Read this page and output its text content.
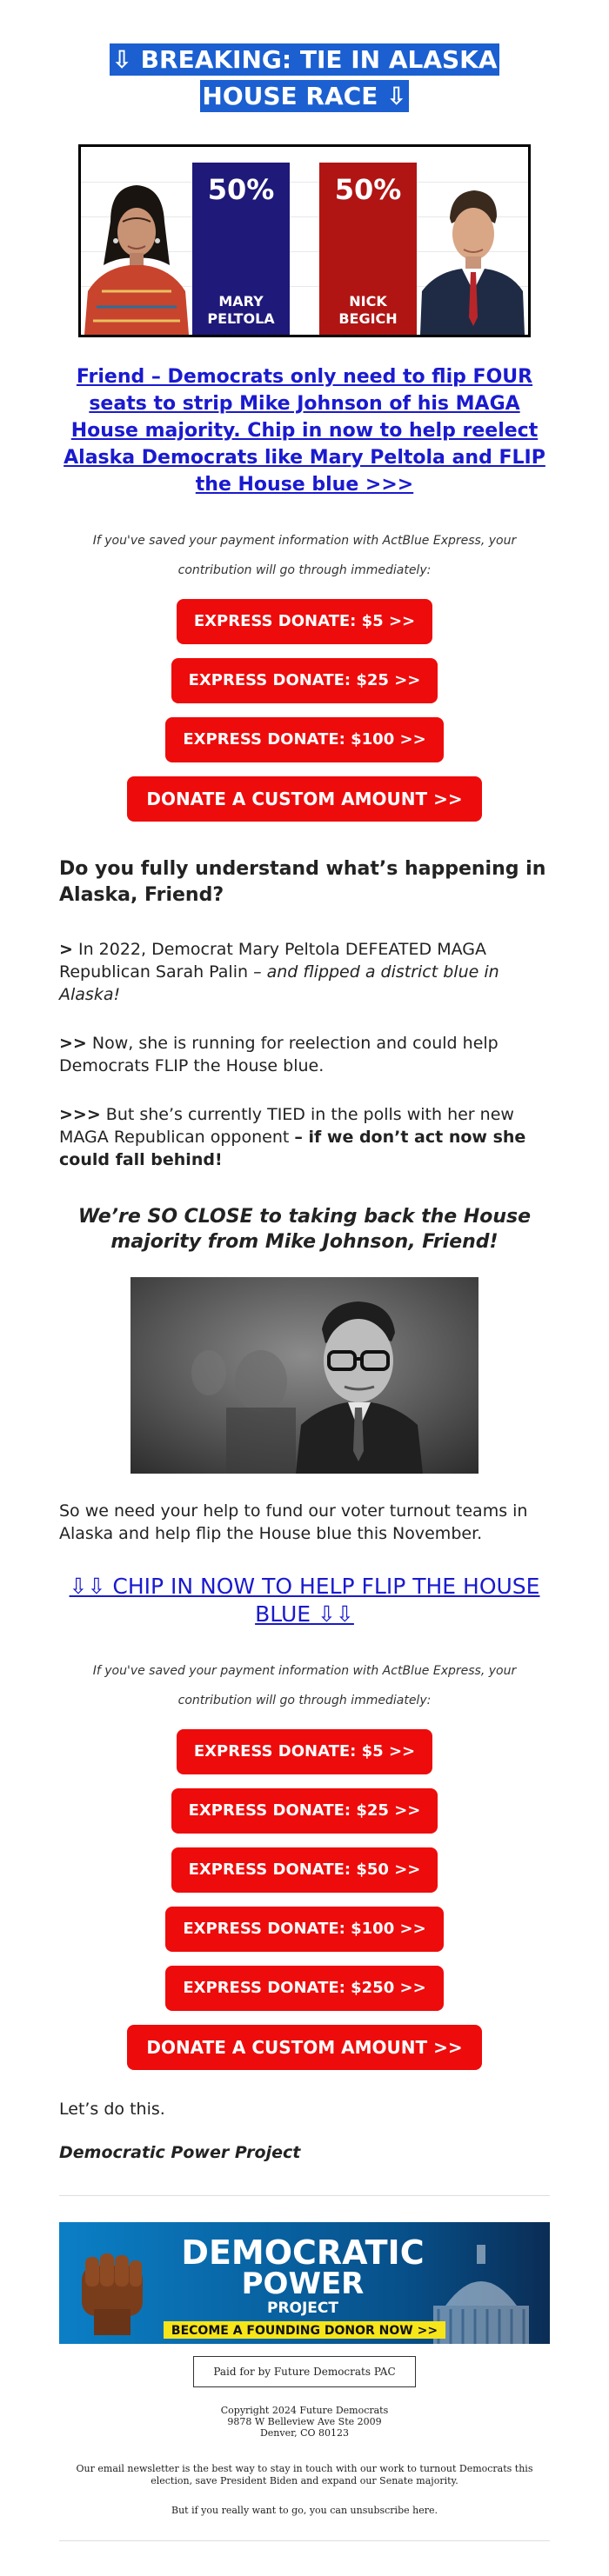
⇩ BREAKING: TIE IN ALASKA HOUSE RACE ⇩
50%
MARY
PELTOLA
50%
NICK
BEGICH
Friend – Democrats only need to flip FOUR seats to strip Mike Johnson of his MAGA House majority. Chip in now to help reelect Alaska Democrats like Mary Peltola and FLIP the House blue >>>

If you've saved your payment information with ActBlue Express, your contribution will go through immediately:

EXPRESS DONATE: $5 >>
EXPRESS DONATE: $25 >>
EXPRESS DONATE: $100 >>
DONATE A CUSTOM AMOUNT >>
Do you fully understand what’s happening in Alaska, Friend?

> In 2022, Democrat Mary Peltola DEFEATED MAGA Republican Sarah Palin – and flipped a district blue in Alaska!

>> Now, she is running for reelection and could help Democrats FLIP the House blue.

>>> But she’s currently TIED in the polls with her new MAGA Republican opponent – if we don’t act now she could fall behind!

We’re SO CLOSE to taking back the House majority from Mike Johnson, Friend!

So we need your help to fund our voter turnout teams in Alaska and help flip the House blue this November.

⇩⇩ CHIP IN NOW TO HELP FLIP THE HOUSE BLUE ⇩⇩

If you've saved your payment information with ActBlue Express, your contribution will go through immediately:

EXPRESS DONATE: $5 >>
EXPRESS DONATE: $25 >>
EXPRESS DONATE: $50 >>
EXPRESS DONATE: $100 >>
EXPRESS DONATE: $250 >>
DONATE A CUSTOM AMOUNT >>

Let’s do this.

Democratic Power Project

DEMOCRATIC
POWER
PROJECT
BECOME A FOUNDING DONOR NOW >>
Paid for by Future Democrats PAC
Copyright 2024 Future Democrats
9878 W Belleview Ave Ste 2009
Denver, CO 80123
Our email newsletter is the best way to stay in touch with our work to turnout Democrats this election, save President Biden and expand our Senate majority.
But if you really want to go, you can unsubscribe here.
